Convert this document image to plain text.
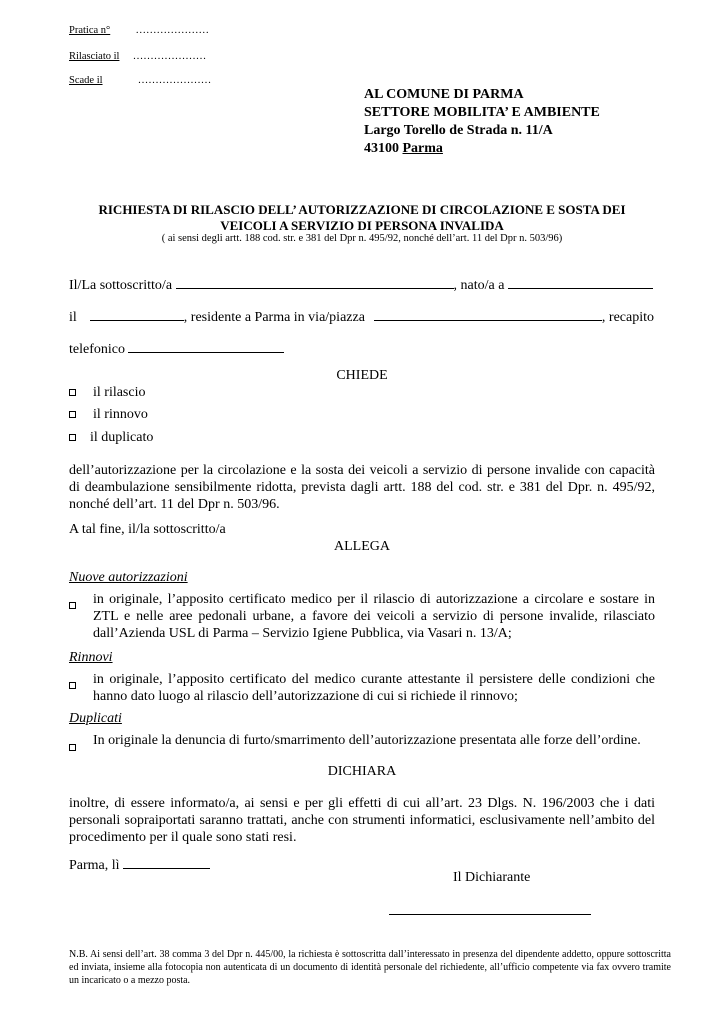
Pratica n° …………………
Rilasciato il …………………
Scade il	…………………
AL COMUNE DI PARMA
SETTORE MOBILITA’ E AMBIENTE
Largo Torello de Strada n. 11/A
43100 Parma
RICHIESTA DI RILASCIO DELL’ AUTORIZZAZIONE DI CIRCOLAZIONE E SOSTA DEI
VEICOLI A SERVIZIO DI PERSONA INVALIDA
( ai sensi degli artt. 188 cod. str. e 381 del Dpr n. 495/92, nonché dell’art. 11 del Dpr n. 503/96)
Il/La sottoscritto/a	, nato/a a
il	, residente a Parma in via/piazza	, recapito
telefonico
CHIEDE
il rilascio
il rinnovo
il duplicato
dell’autorizzazione per la circolazione e la sosta dei veicoli a servizio di persone invalide con capacità di deambulazione sensibilmente ridotta, prevista dagli artt. 188 del cod. str. e 381 del Dpr. n. 495/92, nonché dell’art. 11 del Dpr n. 503/96.
A tal fine, il/la sottoscritto/a
ALLEGA
Nuove autorizzazioni
in originale, l’apposito certificato medico per il rilascio di autorizzazione a circolare e sostare in ZTL e nelle aree pedonali urbane, a favore dei veicoli a servizio di persone invalide, rilasciato dall’Azienda USL di Parma – Servizio Igiene Pubblica, via Vasari n. 13/A;
Rinnovi
in originale, l’apposito certificato del medico curante attestante il persistere delle condizioni che hanno dato luogo al rilascio dell’autorizzazione di cui si richiede il rinnovo;
Duplicati
In originale la denuncia di furto/smarrimento dell’autorizzazione presentata alle forze dell’ordine.
DICHIARA
inoltre, di essere informato/a, ai sensi e per gli effetti di cui all’art. 23 Dlgs. N. 196/2003 che i dati personali sopraiportati saranno trattati, anche con strumenti informatici, esclusivamente nell’ambito del procedimento per il quale sono stati resi.
Parma, lì
Il Dichiarante
N.B. Ai sensi dell’art. 38 comma 3 del Dpr n. 445/00, la richiesta è sottoscritta dall’interessato in presenza del dipendente addetto, oppure sottoscritta ed inviata, insieme alla fotocopia non autenticata di un documento di identità personale del richiedente, all’ufficio competente via fax ovvero tramite un incaricato o a mezzo posta.
